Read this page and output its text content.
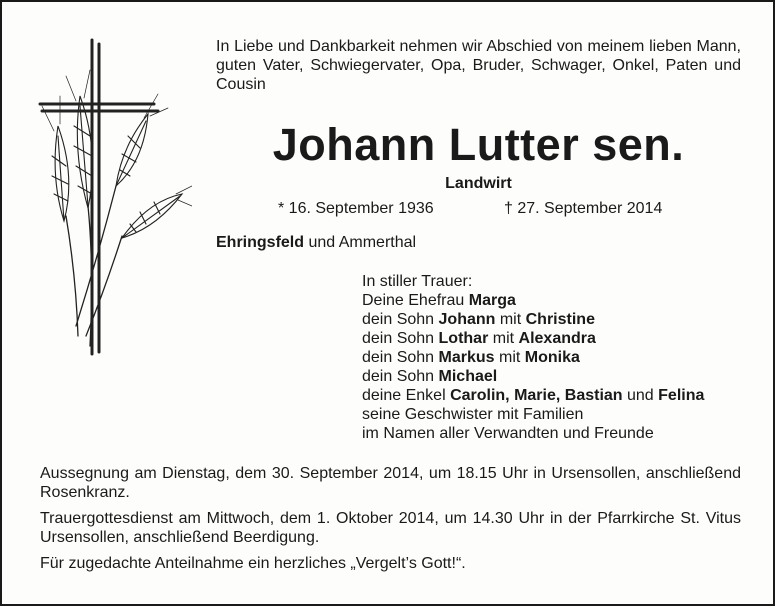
In Liebe und Dankbarkeit nehmen wir Abschied von meinem lieben Mann, guten Vater, Schwiegervater, Opa, Bruder, Schwager, Onkel, Paten und Cousin
Johann Lutter sen.
Landwirt
* 16. September 1936	† 27. September 2014
Ehringsfeld und Ammerthal
In stiller Trauer:
Deine Ehefrau Marga
dein Sohn Johann mit Christine
dein Sohn Lothar mit Alexandra
dein Sohn Markus mit Monika
dein Sohn Michael
deine Enkel Carolin, Marie, Bastian und Felina
seine Geschwister mit Familien
im Namen aller Verwandten und Freunde

Aussegnung am Dienstag, dem 30. September 2014, um 18.15 Uhr in Ursensollen, anschließend Rosenkranz.

Trauergottesdienst am Mittwoch, dem 1. Oktober 2014, um 14.30 Uhr in der Pfarrkirche St. Vitus Ursensollen, anschließend Beerdigung.

Für zugedachte Anteilnahme ein herzliches „Vergelt’s Gott!“.
